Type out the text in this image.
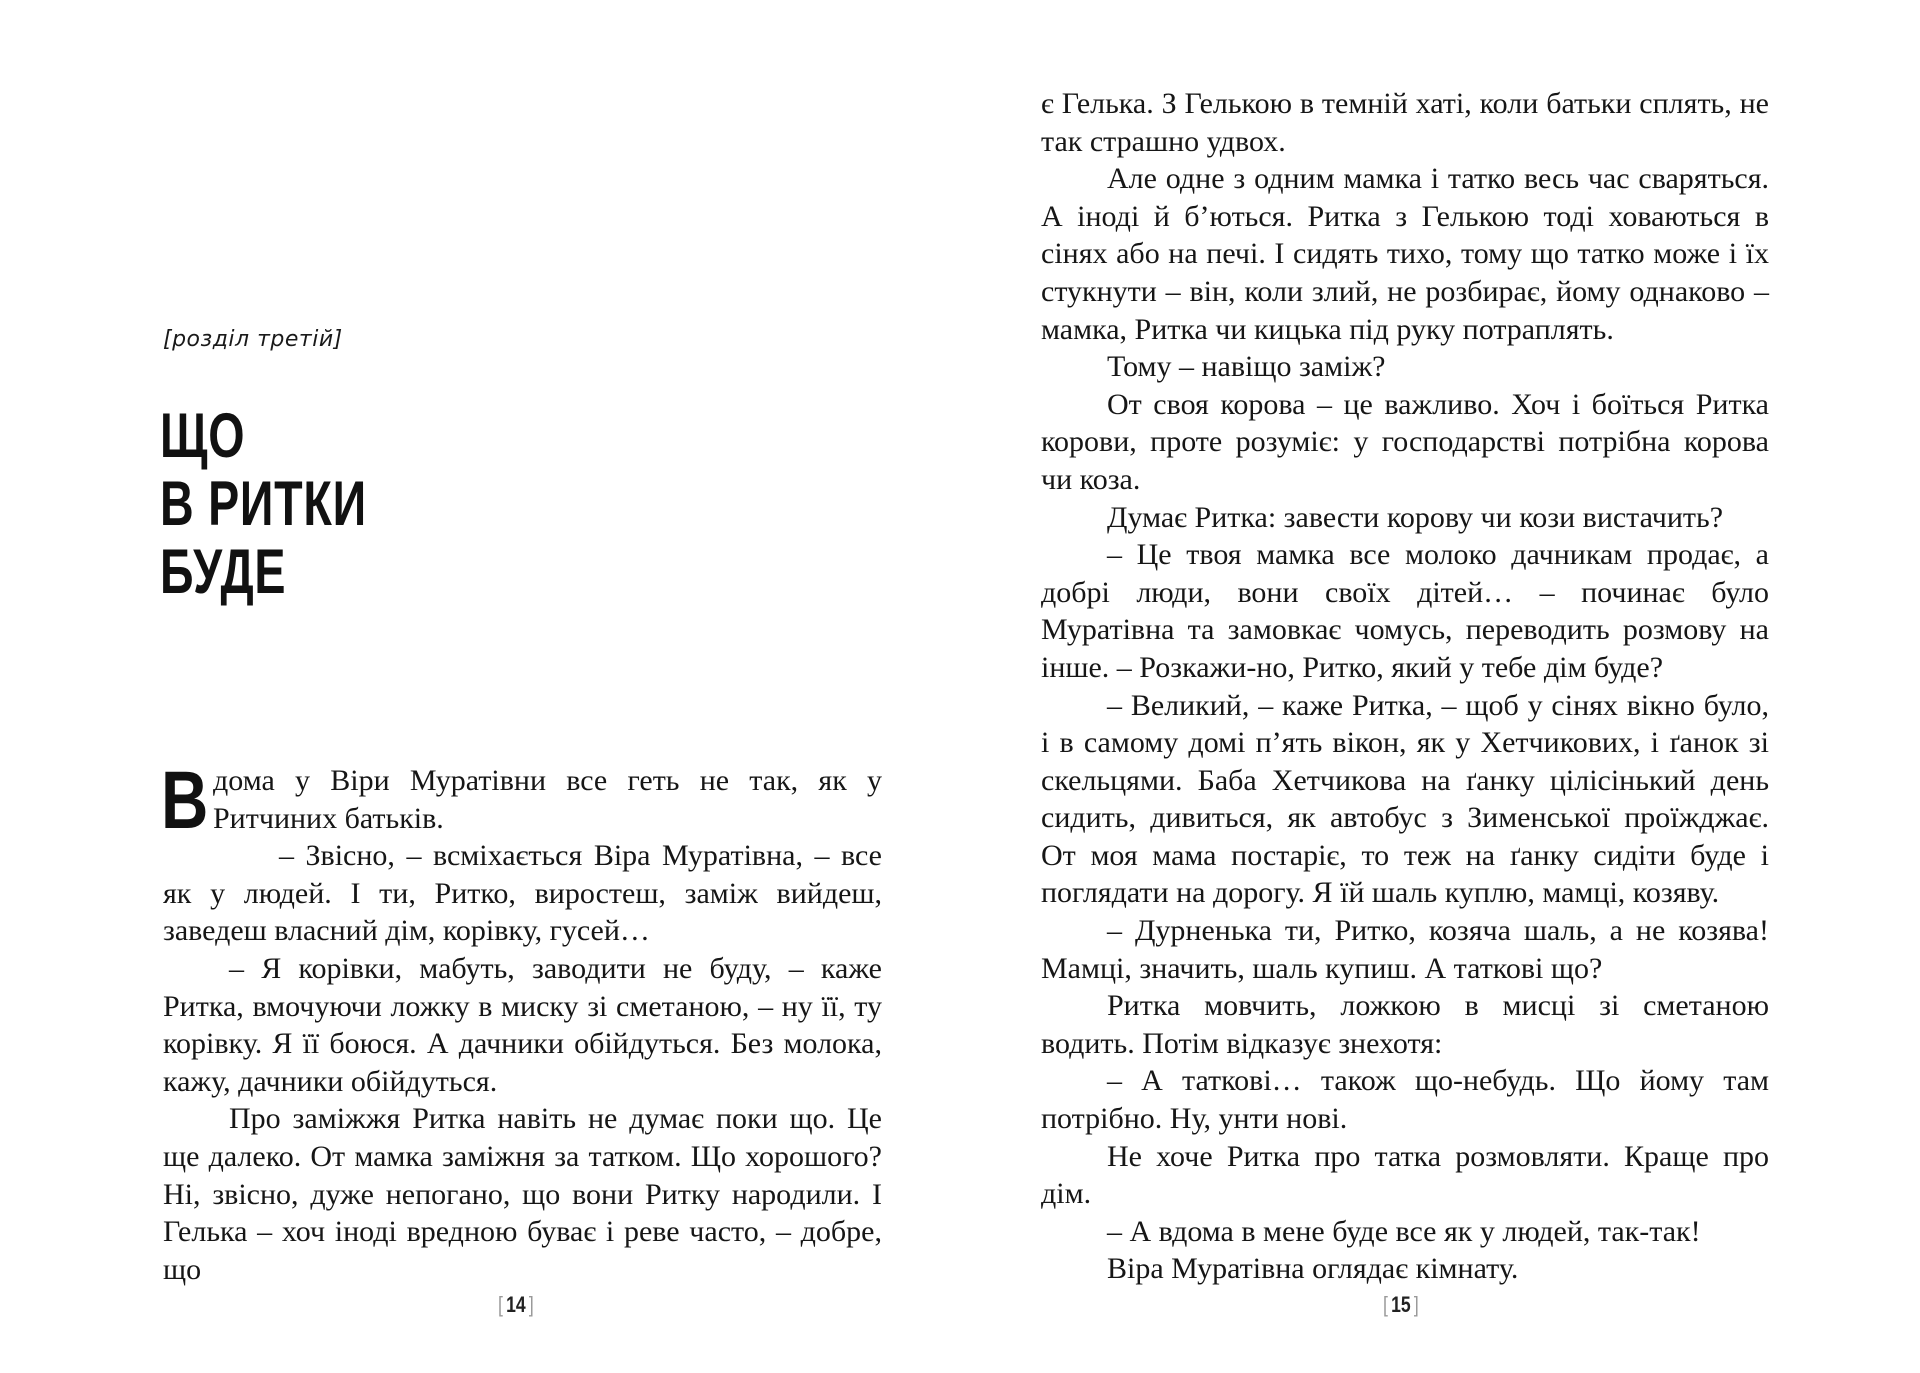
[розділ третій]
ЩО
В РИТКИ
БУДЕ

Вдома у Віри Муратівни все геть не так, як у Ритчиних батьків.

– Звісно, – всміхається Віра Муратівна, – все як у людей. І ти, Ритко, виростеш, заміж вийдеш, заведеш власний дім, корівку, гусей…

– Я корівки, мабуть, заводити не буду, – каже Ритка, вмочуючи ложку в миску зі сметаною, – ну її, ту корівку. Я її боюся. А дачники обійдуться. Без молока, кажу, дачники обійдуться.

Про заміжжя Ритка навіть не думає поки що. Це ще далеко. От мамка заміжня за татком. Що хорошого? Ні, звісно, дуже непогано, що вони Ритку народили. І Гелька – хоч іноді вредною буває і реве часто, – добре, що

[ 14 ]

є Гелька. З Гелькою в темній хаті, коли батьки сплять, не так страшно удвох.

Але одне з одним мамка і татко весь час сваряться. А іноді й б’ються. Ритка з Гелькою тоді ховаються в сінях або на печі. І сидять тихо, тому що татко може і їх стукнути – він, коли злий, не розбирає, йому однаково – мамка, Ритка чи кицька під руку потраплять.

Тому – навіщо заміж?

От своя корова – це важливо. Хоч і боїться Ритка корови, проте розуміє: у господарстві потрібна корова чи коза.

Думає Ритка: завести корову чи кози вистачить?

– Це твоя мамка все молоко дачникам продає, а добрі люди, вони своїх дітей… – починає було Муратівна та замовкає чомусь, переводить розмову на інше. – Розкажи-но, Ритко, який у тебе дім буде?

– Великий, – каже Ритка, – щоб у сінях вікно було, і в самому домі п’ять вікон, як у Хетчикових, і ґанок зі скельцями. Баба Хетчикова на ґанку цілісінький день сидить, дивиться, як автобус з Зименської проїжджає. От моя мама постаріє, то теж на ґанку сидіти буде і поглядати на дорогу. Я їй шаль куплю, мамці, козяву.

– Дурненька ти, Ритко, козяча шаль, а не козява! Мамці, значить, шаль купиш. А таткові що?

Ритка мовчить, ложкою в мисці зі сметаною водить. Потім відказує знехотя:

– А таткові… також що-небудь. Що йому там потрібно. Ну, унти нові.

Не хоче Ритка про татка розмовляти. Краще про дім.

– А вдома в мене буде все як у людей, так-так!

Віра Муратівна оглядає кімнату.

[ 15 ]
